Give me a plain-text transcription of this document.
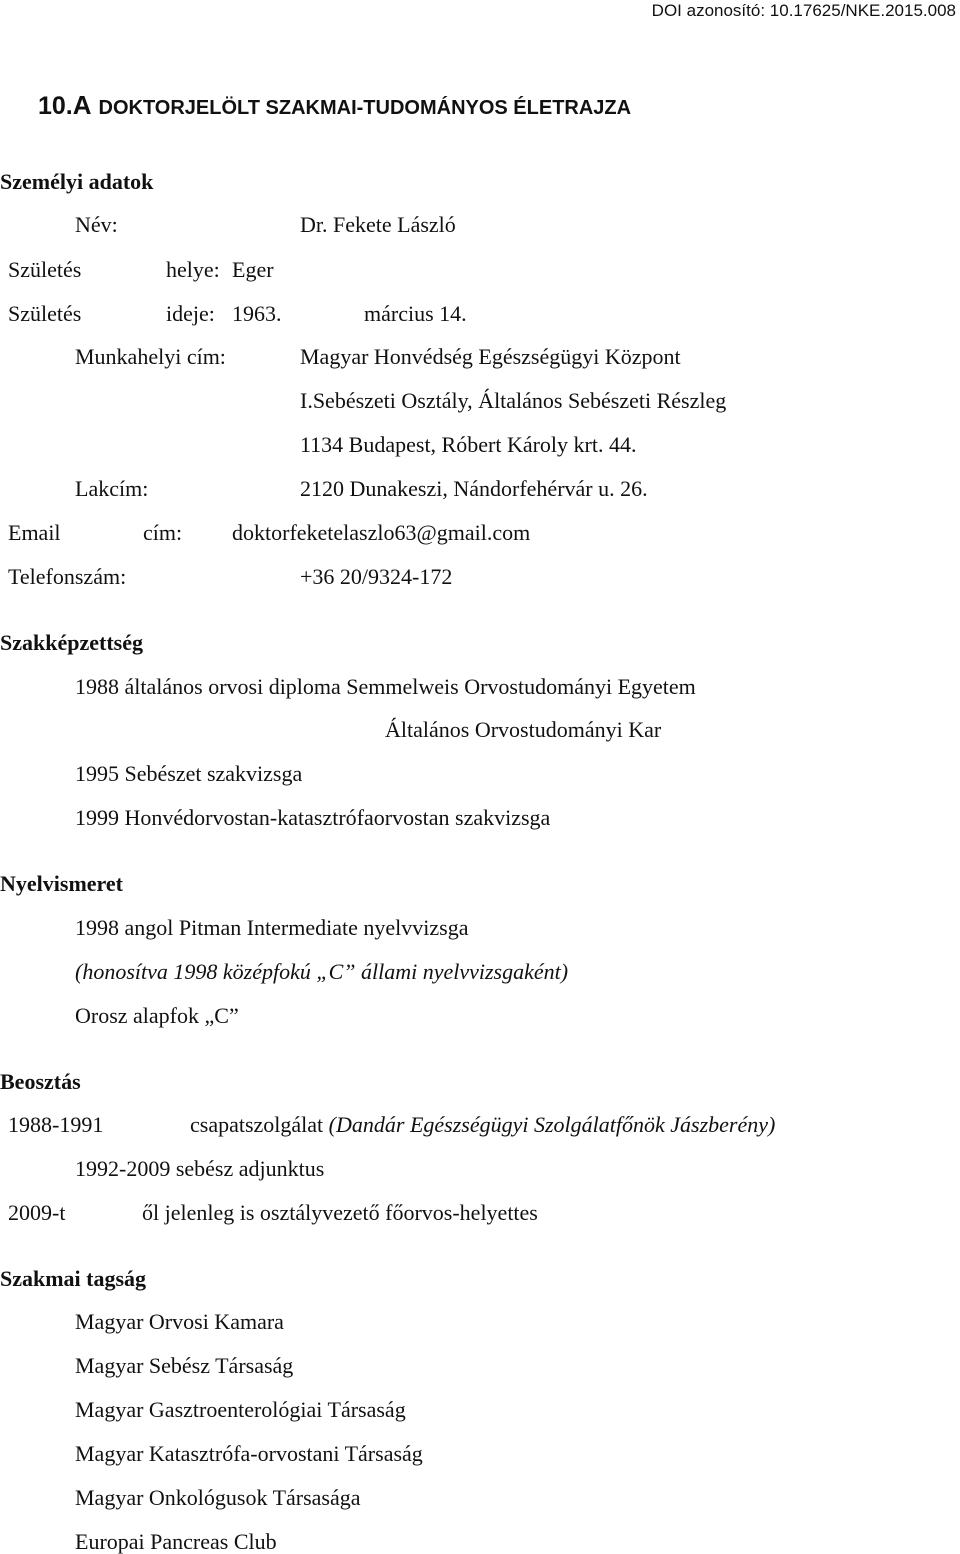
DOI azonosító: 10.17625/NKE.2015.008
10.A DOKTORJELÖLT SZAKMAI-TUDOMÁNYOS ÉLETRAJZA
Személyi adatok
Név:	Dr. Fekete László
Születés	helye: Eger
Születés	ideje: 1963.	március 14.
Munkahelyi cím:	Magyar Honvédség Egészségügyi Központ
I.Sebészeti Osztály, Általános Sebészeti Részleg
1134 Budapest, Róbert Károly krt. 44.
Lakcím:	2120 Dunakeszi, Nándorfehérvár u. 26.
Email	cím: doktorfeketelaszlo63@gmail.com
Telefonszám:	+36 20/9324-172
Szakképzettség
1988 általános orvosi diploma Semmelweis Orvostudományi Egyetem
Általános Orvostudományi Kar
1995 Sebészet szakvizsga
1999 Honvédorvostan-katasztrófaorvostan szakvizsga
Nyelvismeret
1998 angol Pitman Intermediate nyelvvizsga
(honosítva 1998 középfokú „C” állami nyelvvizsgaként)
Orosz alapfok „C”
Beosztás
1988-1991	csapatszolgálat (Dandár Egészségügyi Szolgálatfőnök Jászberény)
1992-2009 sebész adjunktus
2009-t	ől jelenleg is osztályvezető főorvos-helyettes
Szakmai tagság
Magyar Orvosi Kamara
Magyar Sebész Társaság
Magyar Gasztroenterológiai Társaság
Magyar Katasztrófa-orvostani Társaság
Magyar Onkológusok Társasága
Europai Pancreas Club
